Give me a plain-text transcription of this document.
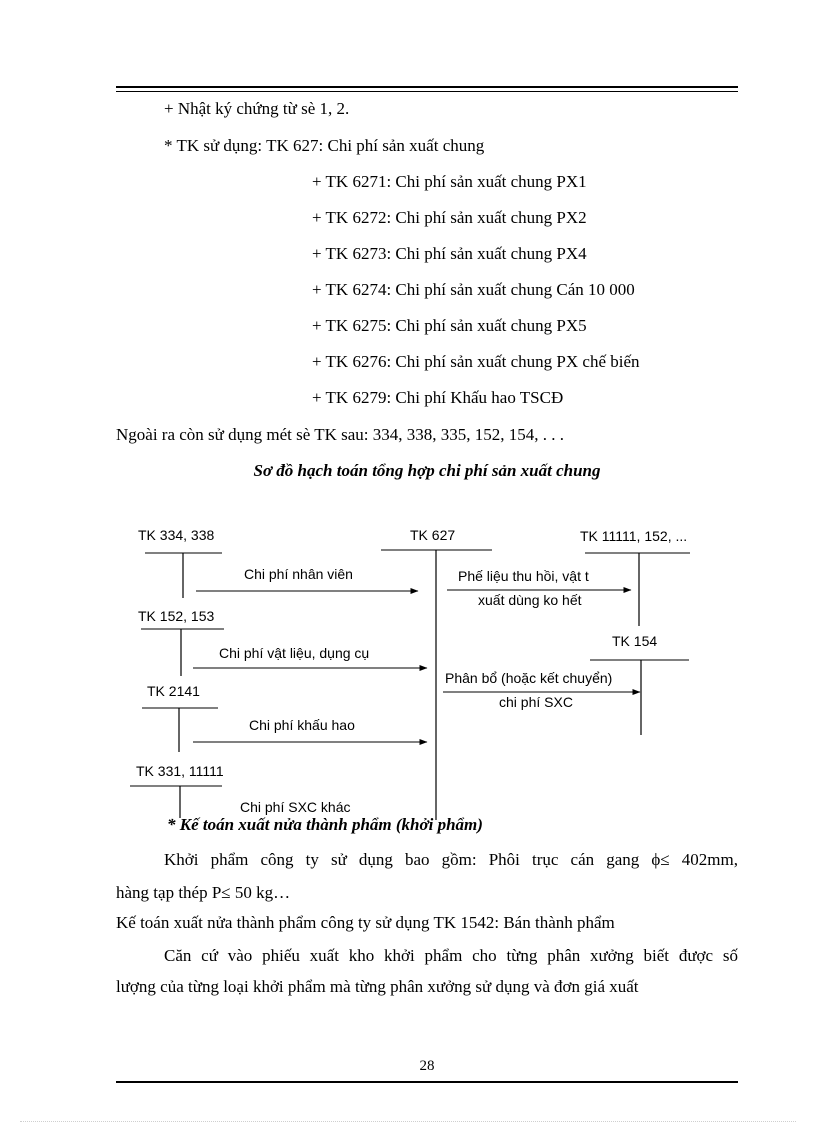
+ Nhật ký chứng từ sè 1, 2.
* TK sử dụng: TK 627: Chi phí sản xuất chung
+ TK 6271: Chi phí sản xuất chung PX1
+ TK 6272: Chi phí sản xuất chung PX2
+ TK 6273: Chi phí sản xuất chung PX4
+ TK 6274: Chi phí sản xuất chung Cán 10 000
+ TK 6275: Chi phí sản xuất chung PX5
+ TK 6276: Chi phí sản xuất chung PX chế biến
+ TK 6279: Chi phí Khấu hao TSCĐ
Ngoài ra còn sử dụng mét sè TK sau: 334, 338, 335, 152, 154, . . .
Sơ đồ hạch toán tổng hợp chi phí sản xuất chung
TK 627
TK 334, 338	TK 11111, 152, ...
TK 152, 153
TK 154
TK 2141
TK 331, 11111
Chi phí nhân viên
Chi phí vật liệu, dụng cụ
Chi phí khấu hao
Chi phí SXC khác
Phế liệu thu hồi, vật t
xuất dùng ko hết
Phân bổ (hoặc kết chuyển)
chi phí SXC
* Kế toán xuất nửa thành phẩm (khởi phẩm)
Khởi phẩm công ty sử dụng bao gồm: Phôi trục cán gang ϕ≤ 402mm,
hàng tạp thép P≤ 50 kg…
Kế toán xuất nửa thành phẩm công ty sử dụng TK 1542: Bán thành phẩm
Căn cứ vào phiếu xuất kho khởi phẩm cho từng phân xưởng biết được số
lượng của từng loại khởi phẩm mà từng phân xưởng sử dụng và đơn giá xuất
28
